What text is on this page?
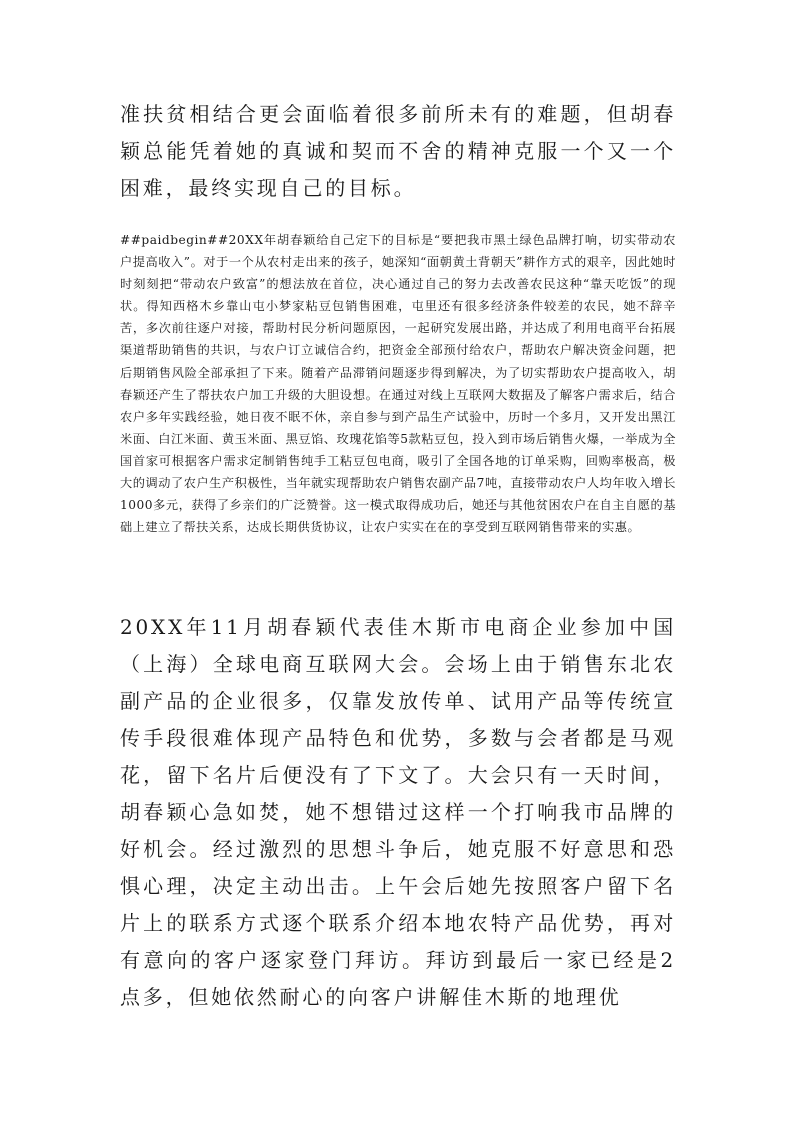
准扶贫相结合更会面临着很多前所未有的难题，但胡春颖总能凭着她的真诚和契而不舍的精神克服一个又一个困难，最终实现自己的目标。

##paidbegin##20XX年胡春颖给自己定下的目标是“要把我市黑土绿色品牌打响，切实带动农户提高收入”。对于一个从农村走出来的孩子，她深知“面朝黄土背朝天”耕作方式的艰辛，因此她时时刻刻把“带动农户致富”的想法放在首位，决心通过自己的努力去改善农民这种“靠天吃饭”的现状。得知西格木乡靠山屯小梦家粘豆包销售困难，屯里还有很多经济条件较差的农民，她不辞辛苦，多次前往逐户对接，帮助村民分析问题原因，一起研究发展出路，并达成了利用电商平台拓展渠道帮助销售的共识，与农户订立诚信合约，把资金全部预付给农户，帮助农户解决资金问题，把后期销售风险全部承担了下来。随着产品滞销问题逐步得到解决，为了切实帮助农户提高收入，胡春颖还产生了帮扶农户加工升级的大胆设想。在通过对线上互联网大数据及了解客户需求后，结合农户多年实践经验，她日夜不眠不休，亲自参与到产品生产试验中，历时一个多月，又开发出黑江米面、白江米面、黄玉米面、黑豆馅、玫瑰花馅等5款粘豆包，投入到市场后销售火爆，一举成为全国首家可根据客户需求定制销售纯手工粘豆包电商，吸引了全国各地的订单采购，回购率极高，极大的调动了农户生产积极性，当年就实现帮助农户销售农副产品7吨，直接带动农户人均年收入增长1000多元，获得了乡亲们的广泛赞誉。这一模式取得成功后，她还与其他贫困农户在自主自愿的基础上建立了帮扶关系，达成长期供货协议，让农户实实在在的享受到互联网销售带来的实惠。

20XX年11月胡春颖代表佳木斯市电商企业参加中国（上海）全球电商互联网大会。会场上由于销售东北农副产品的企业很多，仅靠发放传单、试用产品等传统宣传手段很难体现产品特色和优势，多数与会者都是马观花，留下名片后便没有了下文了。大会只有一天时间，胡春颖心急如焚，她不想错过这样一个打响我市品牌的好机会。经过激烈的思想斗争后，她克服不好意思和恐惧心理，决定主动出击。上午会后她先按照客户留下名片上的联系方式逐个联系介绍本地农特产品优势，再对有意向的客户逐家登门拜访。拜访到最后一家已经是2点多，但她依然耐心的向客户讲解佳木斯的地理优
